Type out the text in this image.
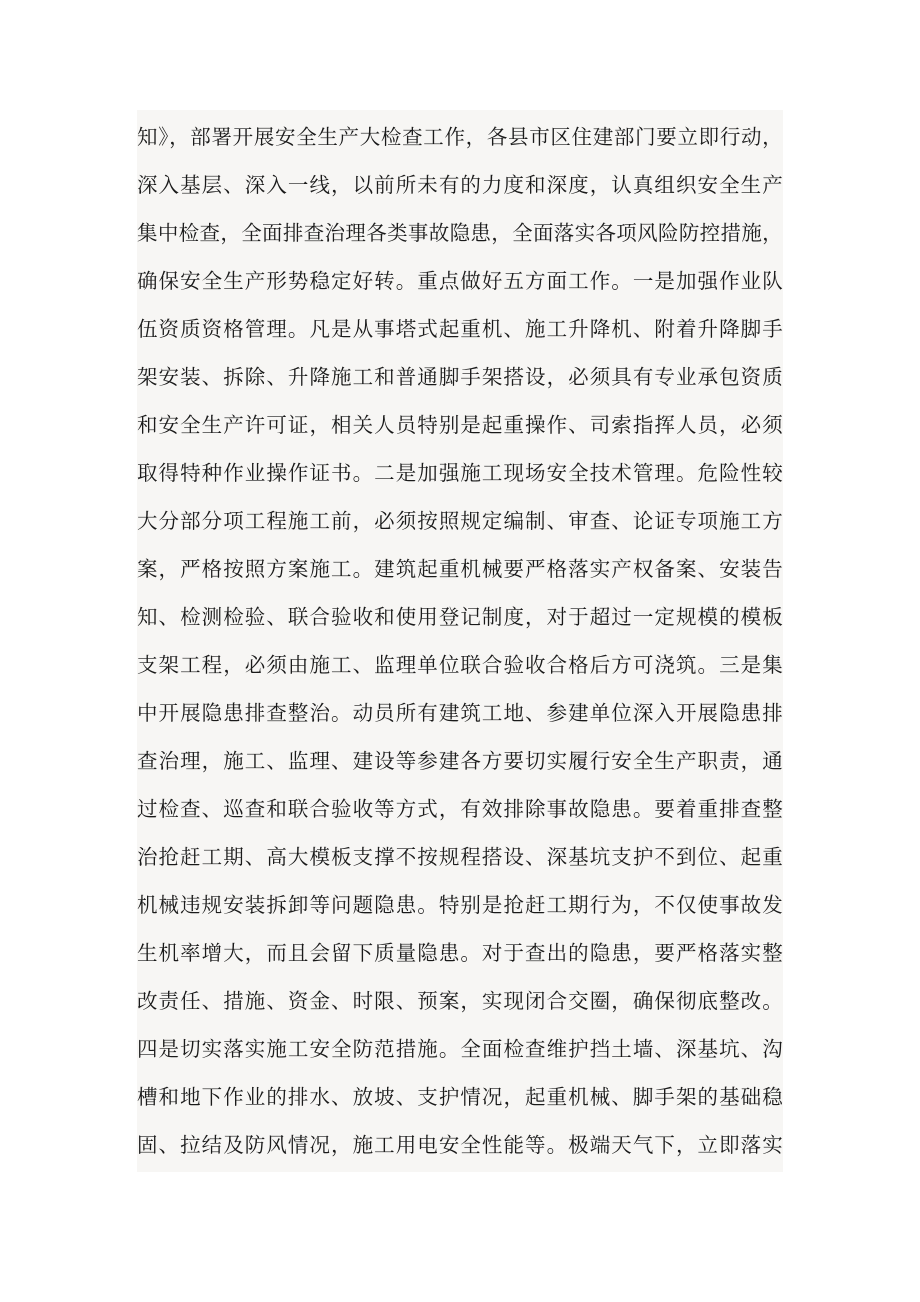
知》，部署开展安全生产大检查工作，各县市区住建部门要立即行动，
深入基层、深入一线，以前所未有的力度和深度，认真组织安全生产
集中检查，全面排查治理各类事故隐患，全面落实各项风险防控措施，
确保安全生产形势稳定好转。重点做好五方面工作。一是加强作业队
伍资质资格管理。凡是从事塔式起重机、施工升降机、附着升降脚手
架安装、拆除、升降施工和普通脚手架搭设，必须具有专业承包资质
和安全生产许可证，相关人员特别是起重操作、司索指挥人员，必须
取得特种作业操作证书。二是加强施工现场安全技术管理。危险性较
大分部分项工程施工前，必须按照规定编制、审查、论证专项施工方
案，严格按照方案施工。建筑起重机械要严格落实产权备案、安装告
知、检测检验、联合验收和使用登记制度，对于超过一定规模的模板
支架工程，必须由施工、监理单位联合验收合格后方可浇筑。三是集
中开展隐患排查整治。动员所有建筑工地、参建单位深入开展隐患排
查治理，施工、监理、建设等参建各方要切实履行安全生产职责，通
过检查、巡查和联合验收等方式，有效排除事故隐患。要着重排查整
治抢赶工期、高大模板支撑不按规程搭设、深基坑支护不到位、起重
机械违规安装拆卸等问题隐患。特别是抢赶工期行为，不仅使事故发
生机率增大，而且会留下质量隐患。对于查出的隐患，要严格落实整
改责任、措施、资金、时限、预案，实现闭合交圈，确保彻底整改。
四是切实落实施工安全防范措施。全面检查维护挡土墙、深基坑、沟
槽和地下作业的排水、放坡、支护情况，起重机械、脚手架的基础稳
固、拉结及防风情况，施工用电安全性能等。极端天气下，立即落实
